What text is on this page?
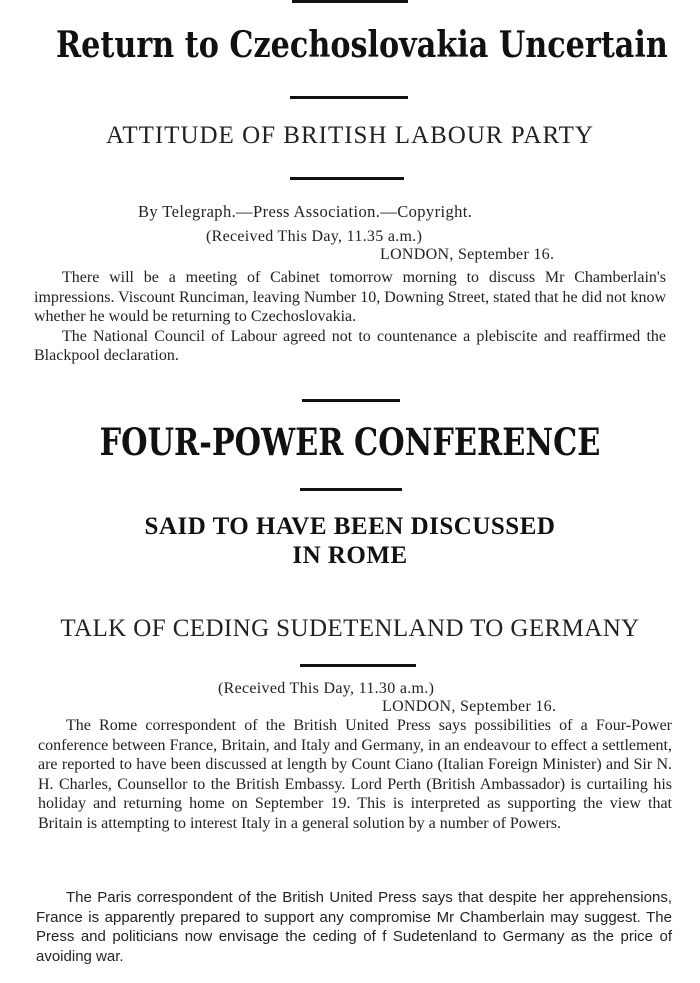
Return to Czechoslovakia Uncertain
ATTITUDE OF BRITISH LABOUR PARTY
By Telegraph.—Press Association.—Copyright.
(Received This Day, 11.35 a.m.)
LONDON, September 16.

There will be a meeting of Cabinet tomorrow morning to discuss Mr Chamberlain's impressions. Viscount Runciman, leaving Number 10, Downing Street, stated that he did not know whether he would be returning to Czechoslovakia.

The National Council of Labour agreed not to countenance a plebiscite and reaffirmed the Blackpool declaration.

FOUR-POWER CONFERENCE
SAID TO HAVE BEEN DISCUSSED
IN ROME
TALK OF CEDING SUDETENLAND TO GERMANY
(Received This Day, 11.30 a.m.)
LONDON, September 16.

The Rome correspondent of the British United Press says possibilities of a Four-Power conference between France, Britain, and Italy and Germany, in an endeavour to effect a settlement, are reported to have been discussed at length by Count Ciano (Italian Foreign Minister) and Sir N. H. Charles, Counsellor to the British Embassy. Lord Perth (British Ambassador) is curtailing his holiday and returning home on September 19. This is interpreted as supporting the view that Britain is attempting to interest Italy in a general solution by a number of Powers.

The Paris correspondent of the British United Press says that despite her apprehensions, France is apparently prepared to support any compromise Mr Chamberlain may suggest. The Press and politicians now envisage the ceding of f Sudetenland to Germany as the price of avoiding war.
